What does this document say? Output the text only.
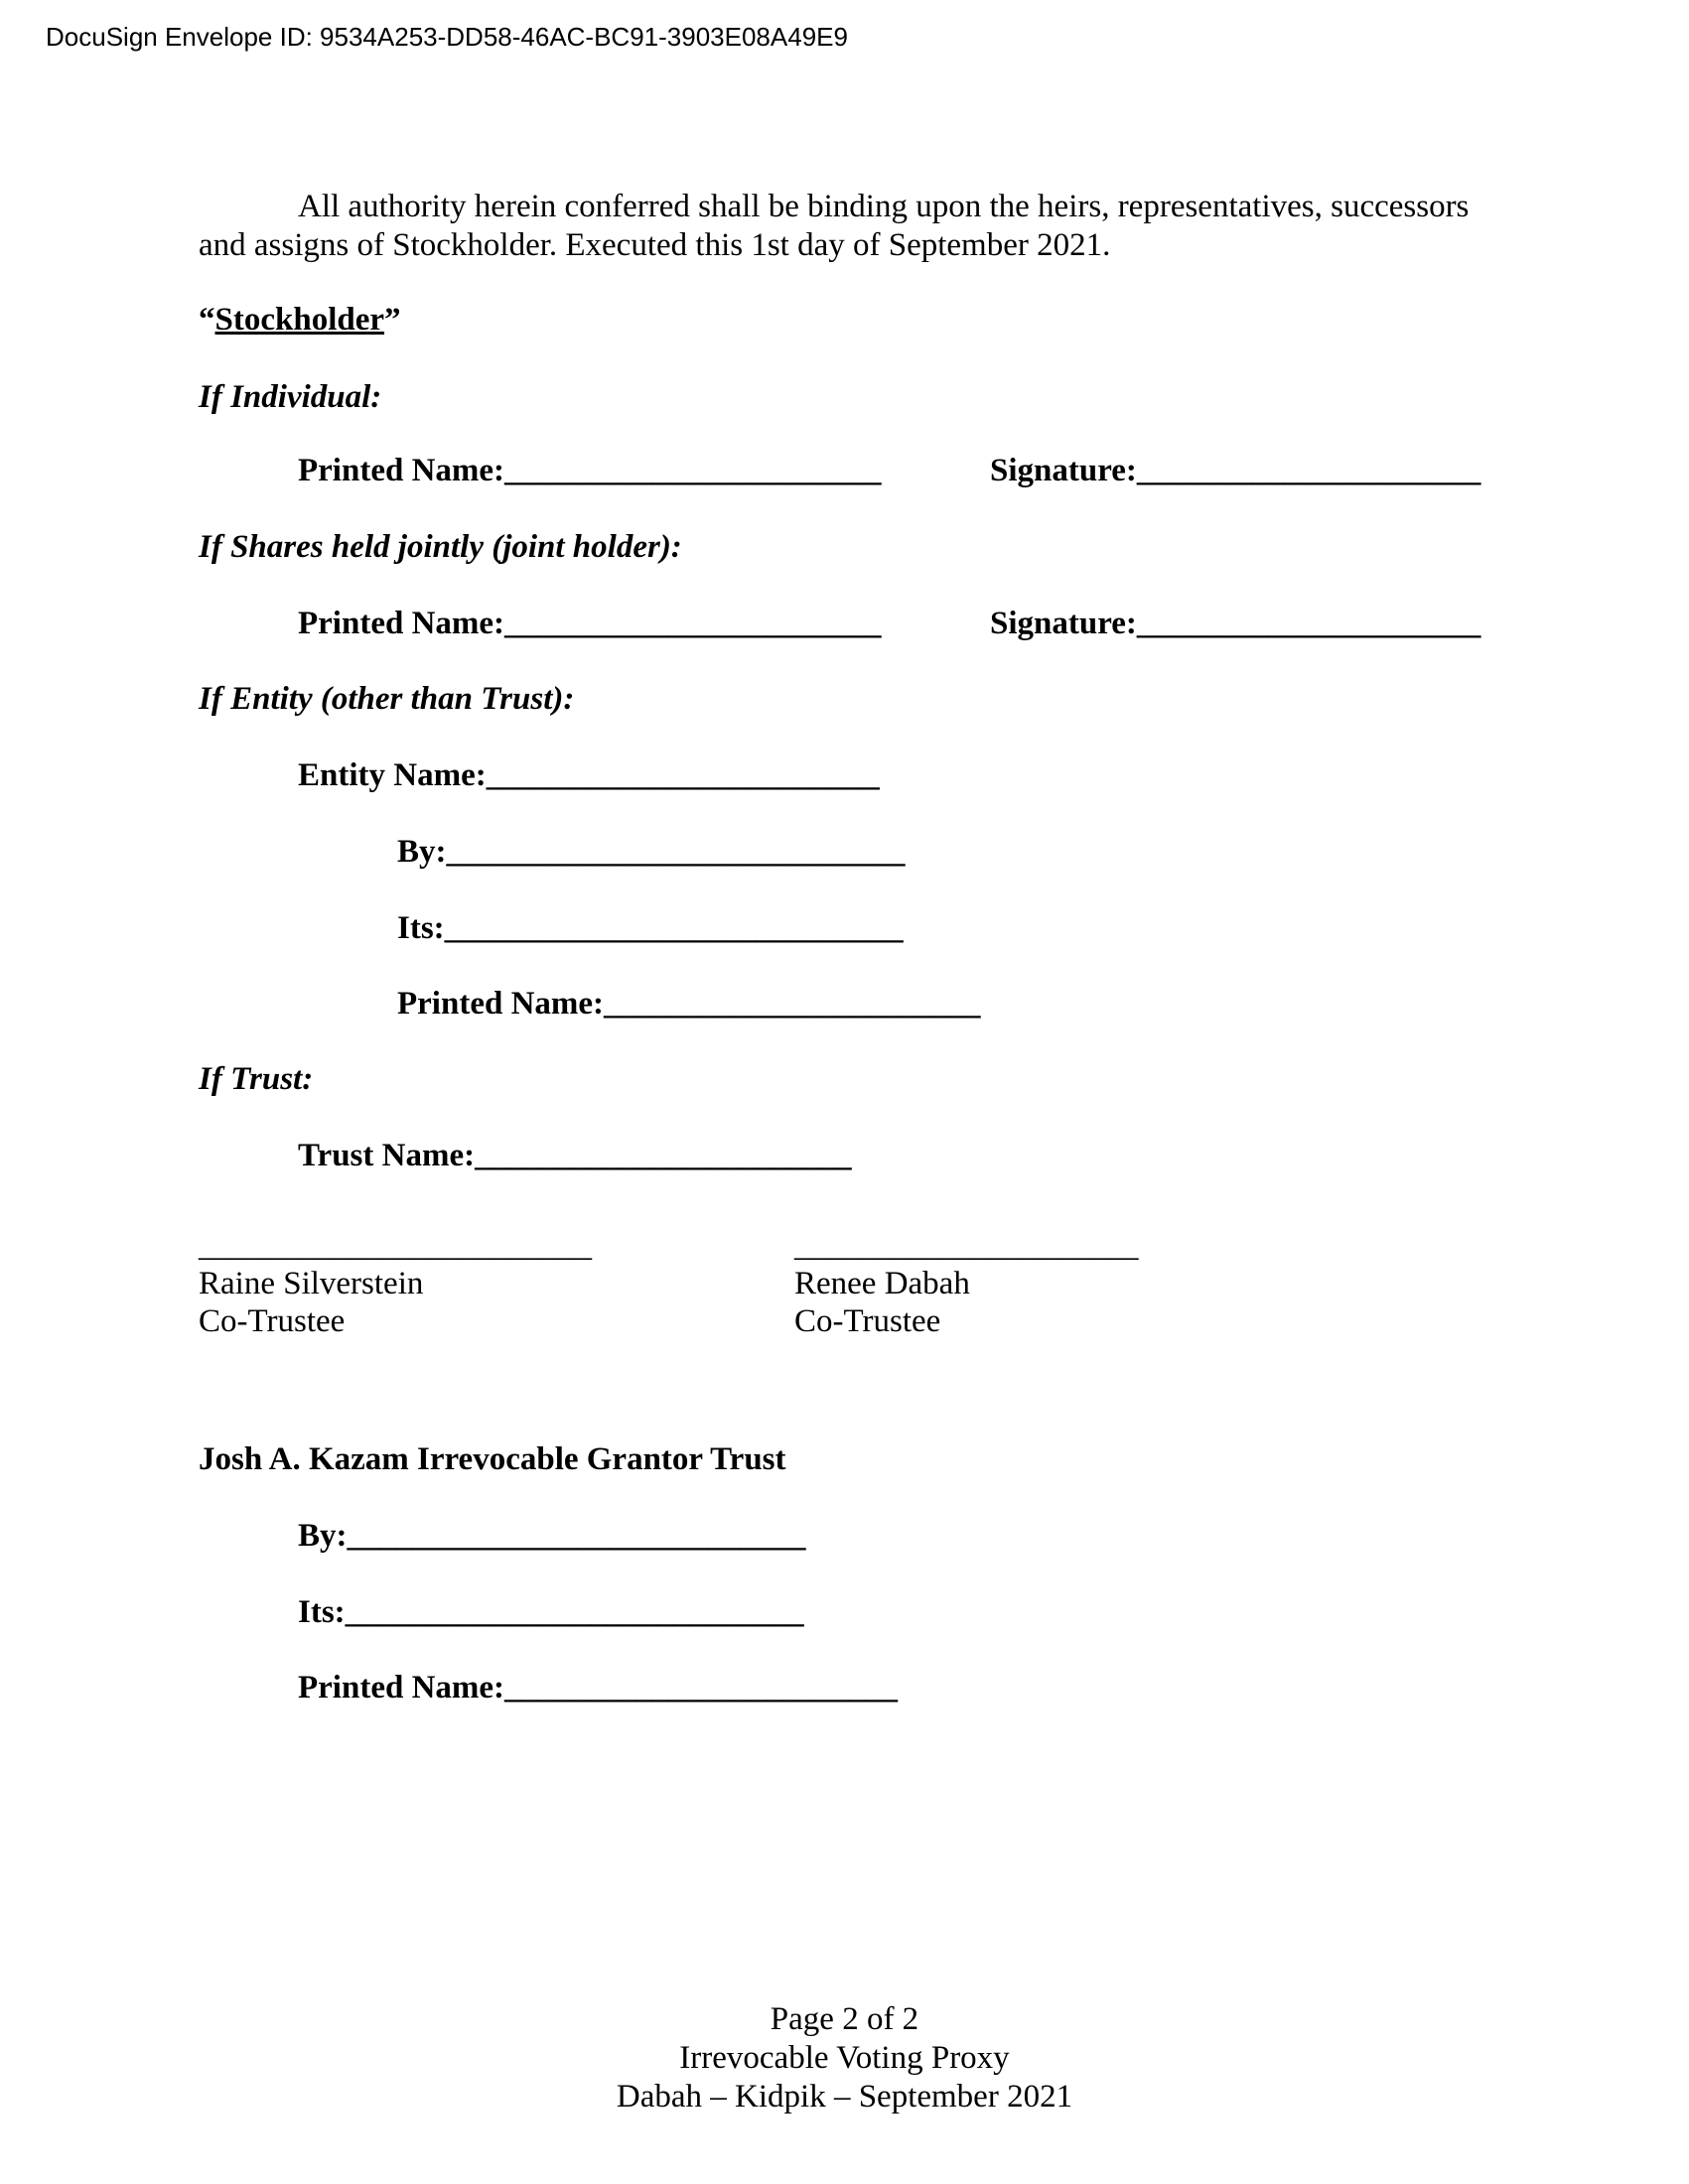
DocuSign Envelope ID: 9534A253-DD58-46AC-BC91-3903E08A49E9
All authority herein conferred shall be binding upon the heirs, representatives, successors and assigns of Stockholder. Executed this 1st day of September 2021.
“Stockholder”
If Individual:
Printed Name:_______________________	Signature:_____________________
If Shares held jointly (joint holder):
Printed Name:_______________________	Signature:_____________________
If Entity (other than Trust):
Entity Name:________________________
By:____________________________
Its:____________________________
Printed Name:_______________________
If Trust:
Trust Name:_______________________
________________________
Raine Silverstein
Co-Trustee
_____________________
Renee Dabah
Co-Trustee
Josh A. Kazam Irrevocable Grantor Trust
By:____________________________
Its:____________________________
Printed Name:________________________
Page 2 of 2
Irrevocable Voting Proxy
Dabah – Kidpik – September 2021
